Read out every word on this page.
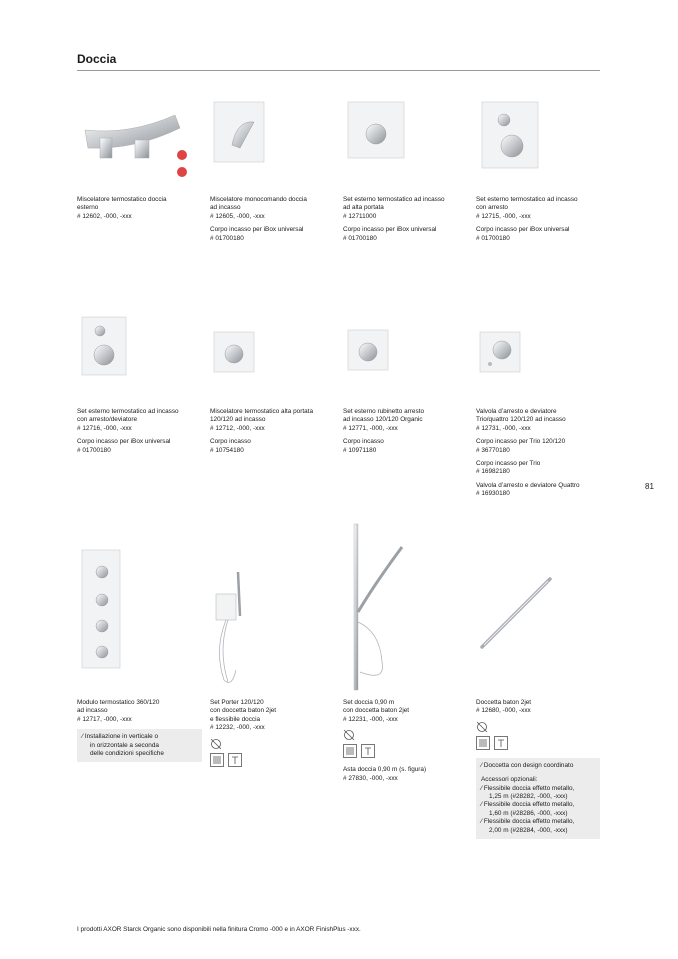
Doccia
Miscelatore termostatico doccia
esterno
# 12602, -000, -xxx
Miscelatore monocomando doccia
ad incasso
# 12605, -000, -xxx
Corpo incasso per iBox universal
# 01700180
Set esterno termostatico ad incasso
ad alta portata
# 12711000
Corpo incasso per iBox universal
# 01700180
Set esterno termostatico ad incasso
con arresto
# 12715, -000, -xxx
Corpo incasso per iBox universal
# 01700180
Set esterno termostatico ad incasso
con arresto/deviatore
# 12716, -000, -xxx
Corpo incasso per iBox universal
# 01700180
Miscelatore termostatico alta portata
120/120 ad incasso
# 12712, -000, -xxx
Corpo incasso
# 10754180
Set esterno rubinetto arresto
ad incasso 120/120 Organic
# 12771, -000, -xxx
Corpo incasso
# 10971180
Valvola d’arresto e deviatore
Trio/quattro 120/120 ad incasso
# 12731, -000, -xxx
Corpo incasso per Trio 120/120
# 36770180
Corpo incasso per Trio
# 16982180
Valvola d’arresto e deviatore Quattro
# 16930180
Modulo termostatico 360/120
ad incasso
# 12717, -000, -xxx
⁄ Installazione in verticale o
in orizzontale a seconda
delle condizioni specifiche
Set Porter 120/120
con doccetta baton 2jet
e flessibile doccia
# 12232, -000, -xxx

Set doccia 0,90 m
con doccetta baton 2jet
# 12231, -000, -xxx

Asta doccia 0,90 m (s. figura)
# 27830, -000, -xxx
Doccetta baton 2jet
# 12680, -000, -xxx

⁄ Doccetta con design coordinato
Accessori opzionali:
⁄ Flessibile doccia effetto metallo,
1,25 m (#28282, -000, -xxx)
⁄ Flessibile doccia effetto metallo,
1,60 m (#28286, -000, -xxx)
⁄ Flessibile doccia effetto metallo,
2,00 m (#28284, -000, -xxx)
81
I prodotti AXOR Starck Organic sono disponibili nella finitura Cromo -000 e in AXOR FinishPlus -xxx.
